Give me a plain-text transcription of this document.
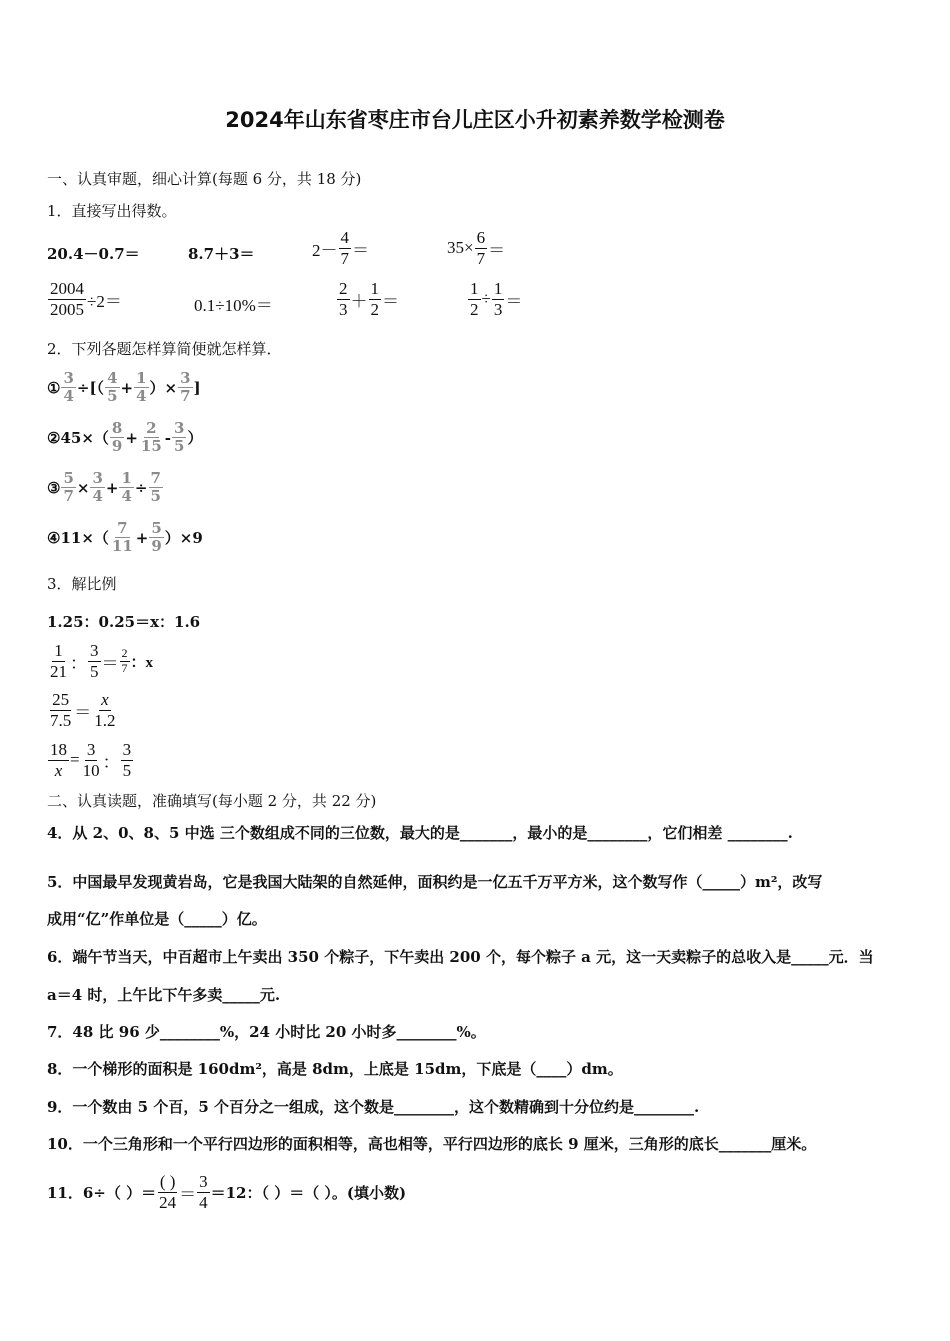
2024年山东省枣庄市台儿庄区小升初素养数学检测卷
一、认真审题，细心计算(每题 6 分，共 18 分)
1．直接写出得数。
20.4－0.7＝	8.7＋3＝	$2- \frac{4}{7}$ ＝	$35\times \frac{6}{7}$ ＝
$\frac{2004}{2005} \div 2=$	0.1÷10%＝	$\frac{2}{3} + \frac{1}{2}$ ＝	$\frac{1}{2} \div \frac{1}{3}$ ＝
2．下列各题怎样算简便就怎样算．
① $\frac{3}{4}$ ÷[（ $\frac{4}{5} + \frac{1}{4}$ ）× $\frac{3}{7}$ ]
②45×（ $\frac{8}{9} + \frac{2}{15} - \frac{3}{5}$ ）
③ $\frac{5}{7} \times \frac{3}{4} + \frac{1}{4} \div \frac{7}{5}$
④11×（ $\frac{7}{11} + \frac{5}{9} )\times 9$
3．解比例
1.25：0.25＝x：1.6
$\frac{1}{21}$ ： $\frac{3}{5} = \frac{2}{7}$ ：x
$\frac{25}{7.5} = \frac{x}{1.2}$
$\frac{18}{x} = \frac{3}{10}$ ： $\frac{3}{5}$
二、认真读题，准确填写(每小题 2 分，共 22 分)
4．从 2、0、8、5 中选 三个数组成不同的三位数，最大的是_______，最小的是________，它们相差 ________.
5．中国最早发现黄岩岛，它是我国大陆架的自然延伸，面积约是一亿五千万平方米，这个数写作（_____）m²，改写
成用“亿”作单位是（_____）亿。
6．端午节当天，中百超市上午卖出 350 个粽子，下午卖出 200 个，每个粽子 a 元，这一天卖粽子的总收入是_____元．当
a＝4 时，上午比下午多卖_____元.
7．48 比 96 少________%，24 小时比 20 小时多________%。
8．一个梯形的面积是 160dm²，高是 8dm，上底是 15dm，下底是（____）dm。
9．一个数由 5 个百，5 个百分之一组成，这个数是________，这个数精确到十分位约是________.
10．一个三角形和一个平行四边形的面积相等，高也相等，平行四边形的底长 9 厘米，三角形的底长_______厘米。
11．6÷（ ）＝ $\frac{( )}{24} = \frac{3}{4} =12$：（ ）＝（ ）。(填小数)
